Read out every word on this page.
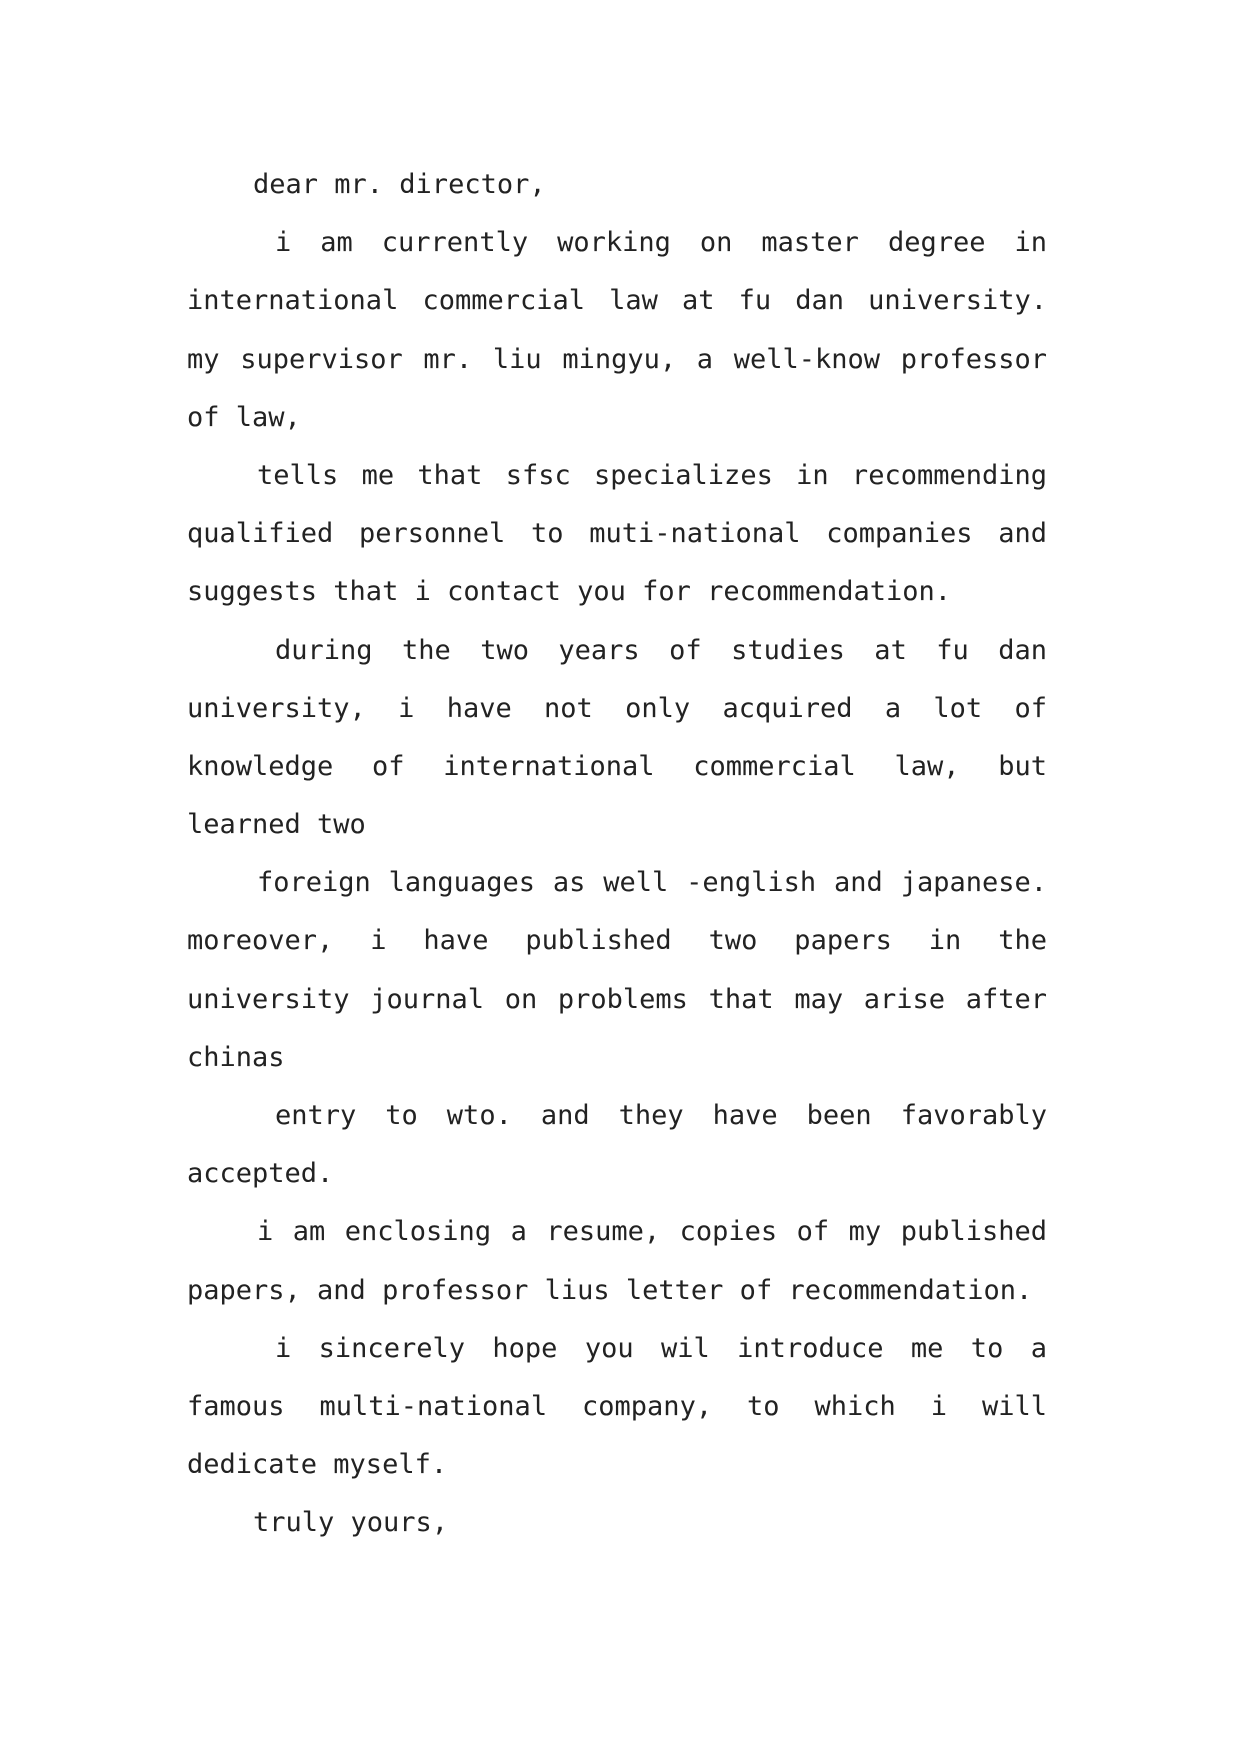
dear mr. director,
i am currently working on master degree in
international commercial law at fu dan university.
my supervisor mr. liu mingyu, a well-know professor
of law,
tells me that sfsc specializes in recommending
qualified personnel to muti-national companies and
suggests that i contact you for recommendation.
during the two years of studies at fu dan
university, i have not only acquired a lot of
knowledge of international commercial law, but
learned two
foreign languages as well -english and japanese.
moreover, i have published two papers in the
university journal on problems that may arise after
chinas
entry to wto. and they have been favorably
accepted.
i am enclosing a resume, copies of my published
papers, and professor lius letter of recommendation.
i sincerely hope you wil introduce me to a
famous multi-national company, to which i will
dedicate myself.
truly yours,
